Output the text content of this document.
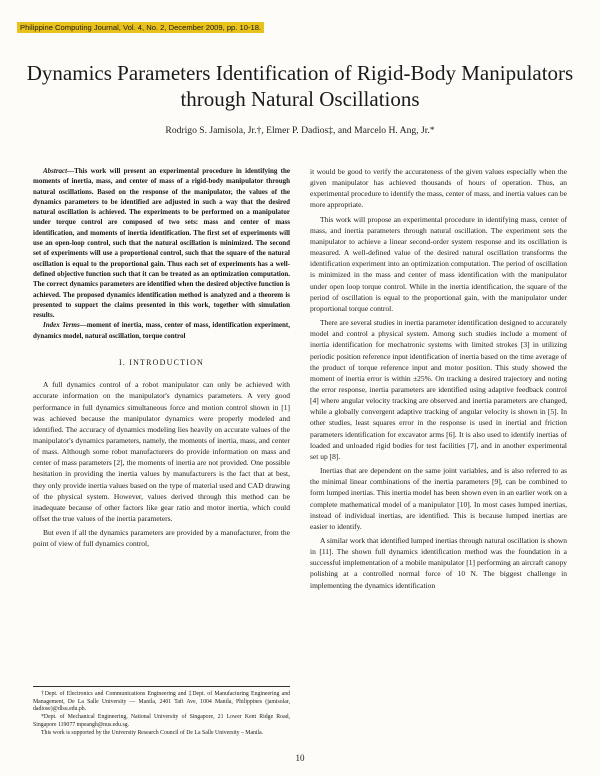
Philippine Computing Journal, Vol. 4, No. 2, December 2009, pp. 10-18.
Dynamics Parameters Identification of Rigid-Body Manipulators through Natural Oscillations
Rodrigo S. Jamisola, Jr.†, Elmer P. Dadios‡, and Marcelo H. Ang, Jr.*

Abstract—This work will present an experimental procedure in identifying the moments of inertia, mass, and center of mass of a rigid-body manipulator through natural oscillations. Based on the response of the manipulator, the values of the dynamics parameters to be identified are adjusted in such a way that the desired natural oscillation is achieved. The experiments to be performed on a manipulator under torque control are composed of two sets: mass and center of mass identification, and moments of inertia identification. The first set of experiments will use an open-loop control, such that the natural oscillation is minimized. The second set of experiments will use a proportional control, such that the square of the natural oscillation is equal to the proportional gain. Thus each set of experiments has a well-defined objective function such that it can be treated as an optimization computation. The correct dynamics parameters are identified when the desired objective function is achieved. The proposed dynamics identification method is analyzed and a theorem is presented to support the claims presented in this work, together with simulation results.

Index Terms—moment of inertia, mass, center of mass, identification experiment, dynamics model, natural oscillation, torque control

I. INTRODUCTION

A full dynamics control of a robot manipulator can only be achieved with accurate information on the manipulator's dynamics parameters. A very good performance in full dynamics simultaneous force and motion control shown in [1] was achieved because the manipulator dynamics were properly modeled and identified. The accuracy of dynamics modeling lies heavily on accurate values of the manipulator's dynamics parameters, namely, the moments of inertia, mass, and center of mass. Although some robot manufacturers do provide information on mass and center of mass parameters [2], the moments of inertia are not provided. One possible hesitation in providing the inertia values by manufacturers is the fact that at best, they only provide inertia values based on the type of material used and CAD drawing of the physical system. However, values derived through this method can be inadequate because of other factors like gear ratio and motor inertia, which could offset the true values of the inertia parameters.

But even if all the dynamics parameters are provided by a manufacturer, from the point of view of full dynamics control,

†Dept. of Electronics and Communications Engineering and ‡Dept. of Manufacturing Engineering and Management, De La Salle University — Manila, 2401 Taft Ave, 1004 Manila, Philippines (jamisolar, dadiose)@dlsu.edu.ph.

*Dept. of Mechanical Engineering, National University of Singapore, 21 Lower Kent Ridge Road, Singapore 119077 mpeangh@nus.edu.sg.

This work is supported by the University Research Council of De La Salle University – Manila.

it would be good to verify the accurateness of the given values especially when the given manipulator has achieved thousands of hours of operation. Thus, an experimental procedure to identify the mass, center of mass, and inertia values can be more appropriate.

This work will propose an experimental procedure in identifying mass, center of mass, and inertia parameters through natural oscillation. The experiment sets the manipulator to achieve a linear second-order system response and its oscillation is measured. A well-defined value of the desired natural oscillation transforms the identification experiment into an optimization computation. The period of oscillation is minimized in the mass and center of mass identification with the manipulator under open loop torque control. While in the inertia identification, the square of the period of oscillation is equal to the proportional gain, with the manipulator under proportional torque control.

There are several studies in inertia parameter identification designed to accurately model and control a physical system. Among such studies include a moment of inertia identification for mechatronic systems with limited strokes [3] in utilizing periodic position reference input identification of inertia based on the time average of the product of torque reference input and motor position. This study showed the moment of inertia error is within ±25%. On tracking a desired trajectory and noting the error response, inertia parameters are identified using adaptive feedback control [4] where angular velocity tracking are observed and inertia parameters are changed, while a globally convergent adaptive tracking of angular velocity is shown in [5]. In other studies, least squares error in the response is used in inertial and friction parameters identification for excavator arms [6]. It is also used to identify inertias of loaded and unloaded rigid bodies for test facilities [7], and in another experimental set up [8].

Inertias that are dependent on the same joint variables, and is also referred to as the minimal linear combinations of the inertia parameters [9], can be combined to form lumped inertias. This inertia model has been shown even in an earlier work on a complete mathematical model of a manipulator [10]. In most cases lumped inertias, instead of individual inertias, are identified. This is because lumped inertias are easier to identify.

A similar work that identified lumped inertias through natural oscillation is shown in [11]. The shown full dynamics identification method was the foundation in a successful implementation of a mobile manipulator [1] performing an aircraft canopy polishing at a controlled normal force of 10 N. The biggest challenge in implementing the dynamics identification

10
